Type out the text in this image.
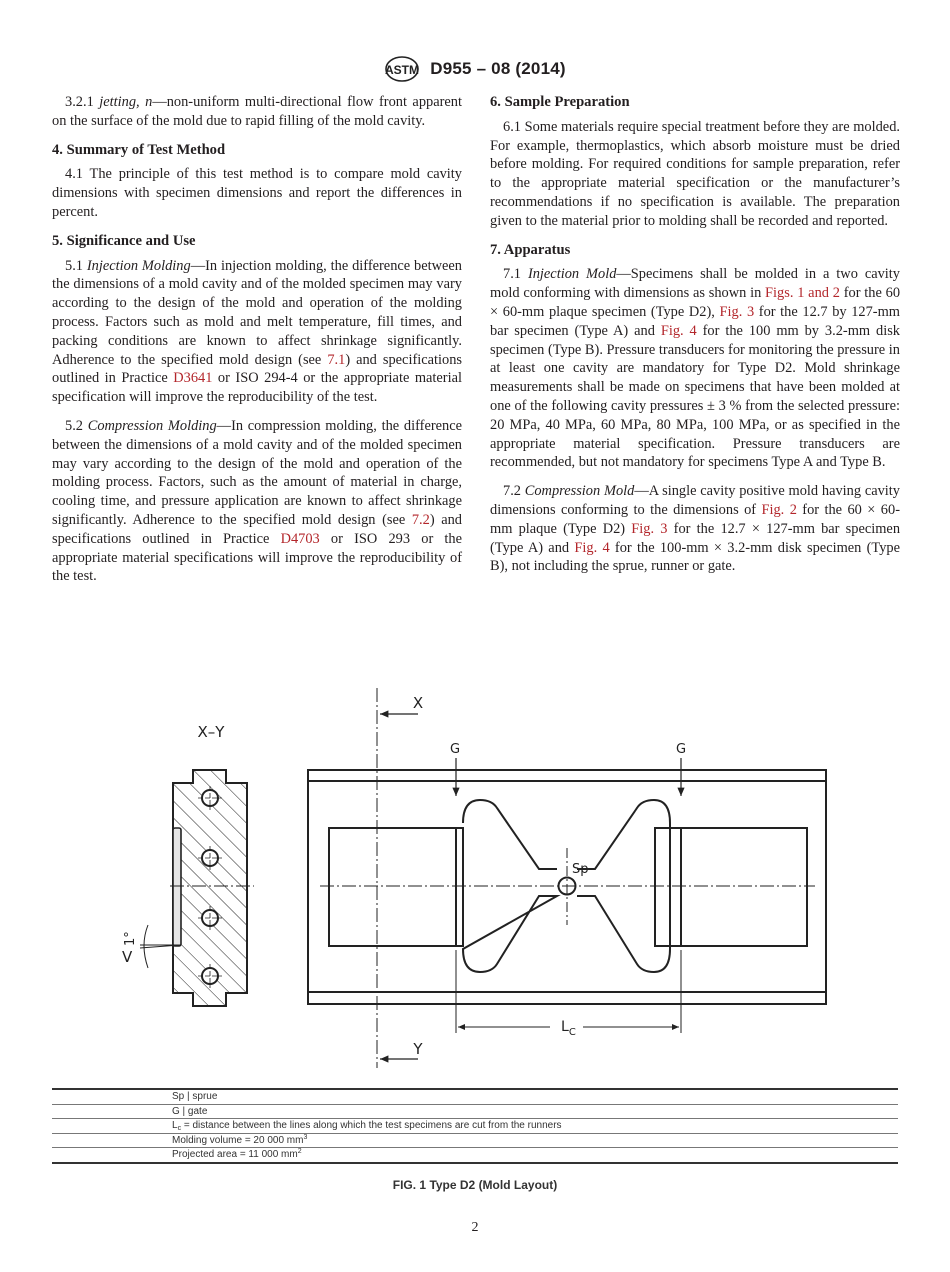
ASTM D955 – 08 (2014)

3.2.1 jetting, n—non-uniform multi-directional flow front apparent on the surface of the mold due to rapid filling of the mold cavity.

4. Summary of Test Method

4.1 The principle of this test method is to compare mold cavity dimensions with specimen dimensions and report the differences in percent.

5. Significance and Use

5.1 Injection Molding—In injection molding, the difference between the dimensions of a mold cavity and of the molded specimen may vary according to the design of the mold and operation of the molding process. Factors such as mold and melt temperature, fill times, and packing conditions are known to affect shrinkage significantly. Adherence to the specified mold design (see 7.1) and specifications outlined in Practice D3641 or ISO 294-4 or the appropriate material specification will improve the reproducibility of the test.

5.2 Compression Molding—In compression molding, the difference between the dimensions of a mold cavity and of the molded specimen may vary according to the design of the mold and operation of the molding process. Factors, such as the amount of material in charge, cooling time, and pressure application are known to affect shrinkage significantly. Adherence to the specified mold design (see 7.2) and specifications outlined in Practice D4703 or ISO 293 or the appropriate material specifications will improve the reproducibility of the test.

6. Sample Preparation

6.1 Some materials require special treatment before they are molded. For example, thermoplastics, which absorb moisture must be dried before molding. For required conditions for sample preparation, refer to the appropriate material specification or the manufacturer’s recommendations if no specification is available. The preparation given to the material prior to molding shall be recorded and reported.

7. Apparatus

7.1 Injection Mold—Specimens shall be molded in a two cavity mold conforming with dimensions as shown in Figs. 1 and 2 for the 60 × 60-mm plaque specimen (Type D2), Fig. 3 for the 12.7 by 127-mm bar specimen (Type A) and Fig. 4 for the 100 mm by 3.2-mm disk specimen (Type B). Pressure transducers for monitoring the pressure in at least one cavity are mandatory for Type D2. Mold shrinkage measurements shall be made on specimens that have been molded at one of the following cavity pressures ± 3 % from the selected pressure: 20 MPa, 40 MPa, 60 MPa, 80 MPa, 100 MPa, or as specified in the appropriate material specification. Pressure transducers are recommended, but not mandatory for specimens Type A and Type B.

7.2 Compression Mold—A single cavity positive mold having cavity dimensions conforming to the dimensions of Fig. 2 for the 60 × 60-mm plaque (Type D2) Fig. 3 for the 12.7 × 127-mm bar specimen (Type A) and Fig. 4 for the 100-mm × 3.2-mm disk specimen (Type B), not including the sprue, runner or gate.

X–Y
1°
V
Sp
X
Y
G	G
$L_C$
Sp | sprue
G | gate
$L_c$ = distance between the lines along which the test specimens are cut from the runners
Molding volume = 20 000 $mm^3$
Projected area = 11 000 $mm^2$
FIG. 1 Type D2 (Mold Layout)
2
